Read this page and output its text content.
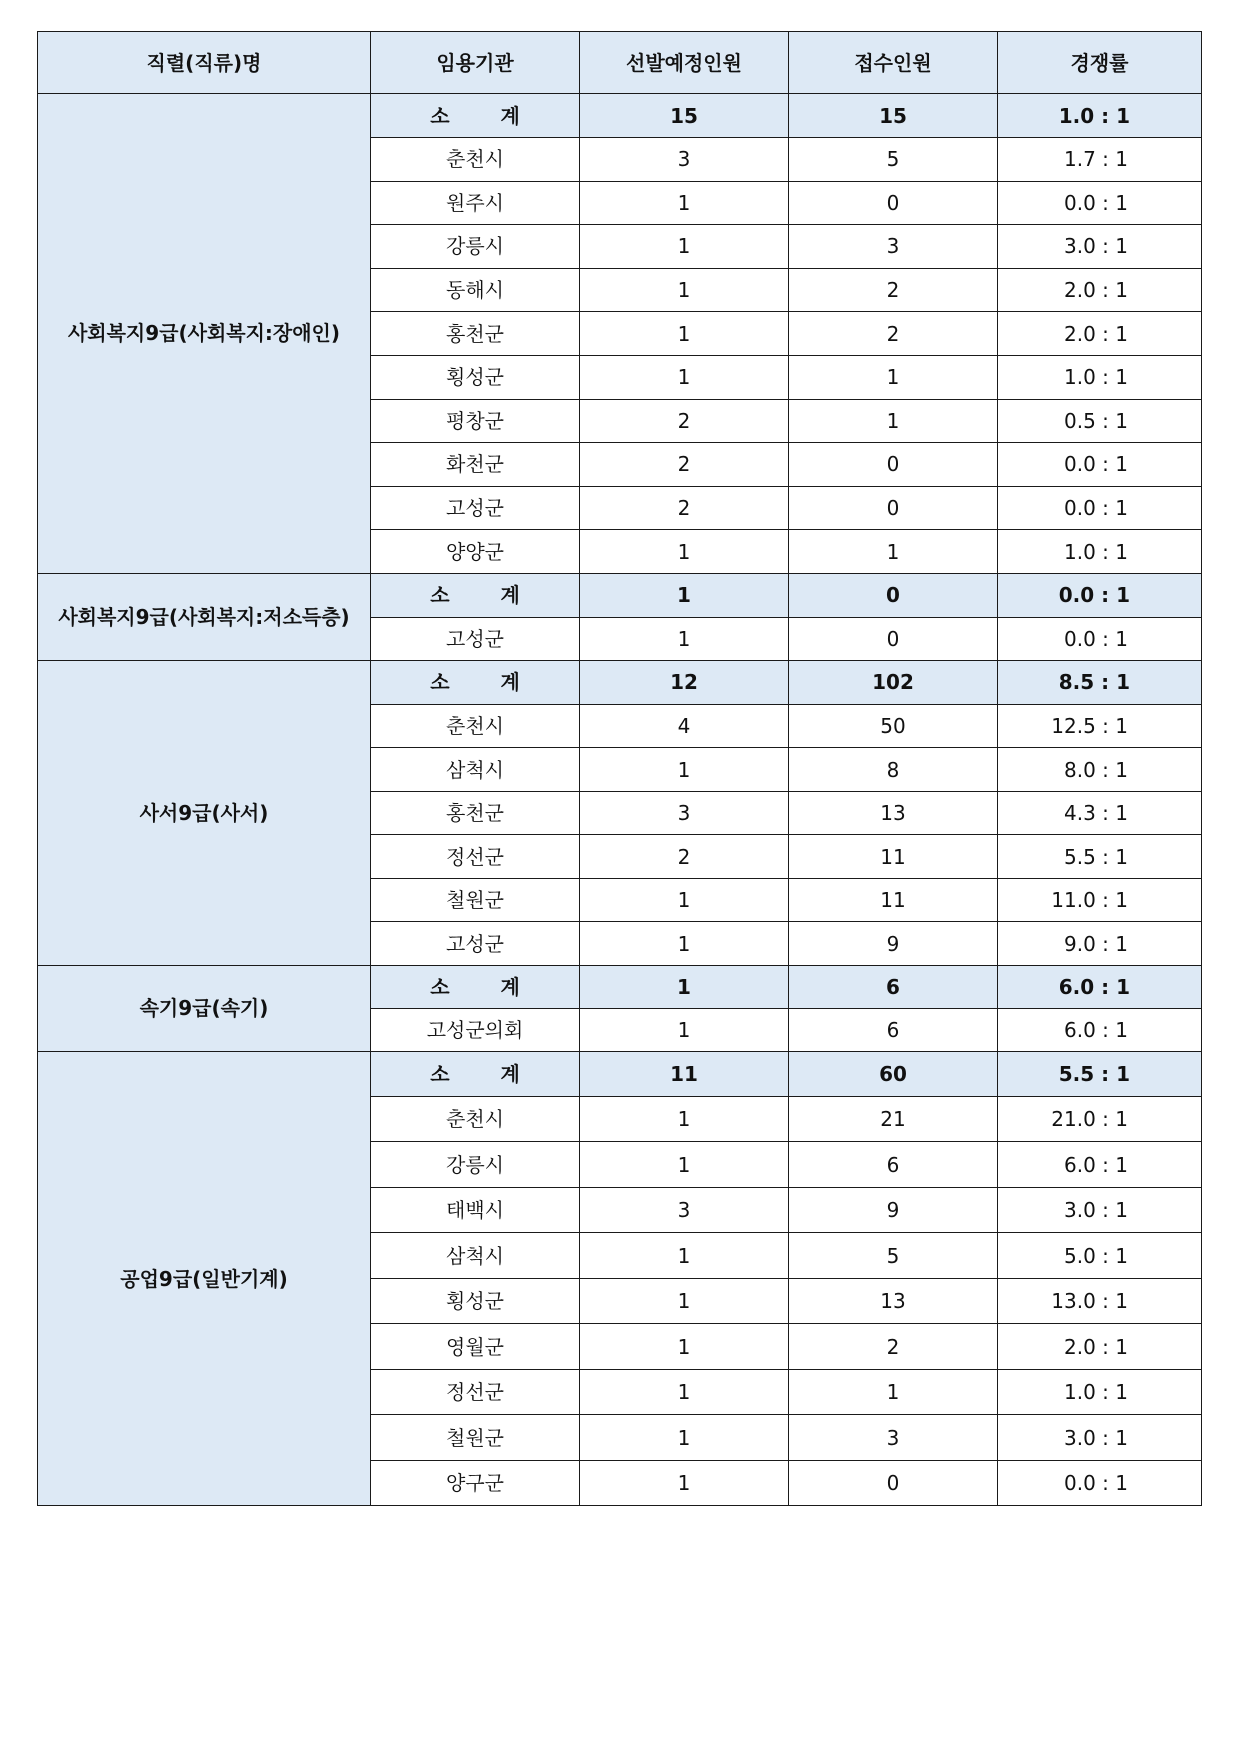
직렬(직류)명	임용기관	선발예정인원	접수인원	경쟁률
사회복지9급(사회복지:장애인)	소 계	15	15	1.0 : 1
	춘천시	3	5	1.7 : 1
	원주시	1	0	0.0 : 1
	강릉시	1	3	3.0 : 1
	동해시	1	2	2.0 : 1
	홍천군	1	2	2.0 : 1
	횡성군	1	1	1.0 : 1
	평창군	2	1	0.5 : 1
	화천군	2	0	0.0 : 1
	고성군	2	0	0.0 : 1
	양양군	1	1	1.0 : 1
사회복지9급(사회복지:저소득층)	소 계	1	0	0.0 : 1
	고성군	1	0	0.0 : 1
사서9급(사서)	소 계	12	102	8.5 : 1
	춘천시	4	50	12.5 : 1
	삼척시	1	8	8.0 : 1
	홍천군	3	13	4.3 : 1
	정선군	2	11	5.5 : 1
	철원군	1	11	11.0 : 1
	고성군	1	9	9.0 : 1
속기9급(속기)	소 계	1	6	6.0 : 1
	고성군의회	1	6	6.0 : 1
공업9급(일반기계)	소 계	11	60	5.5 : 1
	춘천시	1	21	21.0 : 1
	강릉시	1	6	6.0 : 1
	태백시	3	9	3.0 : 1
	삼척시	1	5	5.0 : 1
	횡성군	1	13	13.0 : 1
	영월군	1	2	2.0 : 1
	정선군	1	1	1.0 : 1
	철원군	1	3	3.0 : 1
	양구군	1	0	0.0 : 1
